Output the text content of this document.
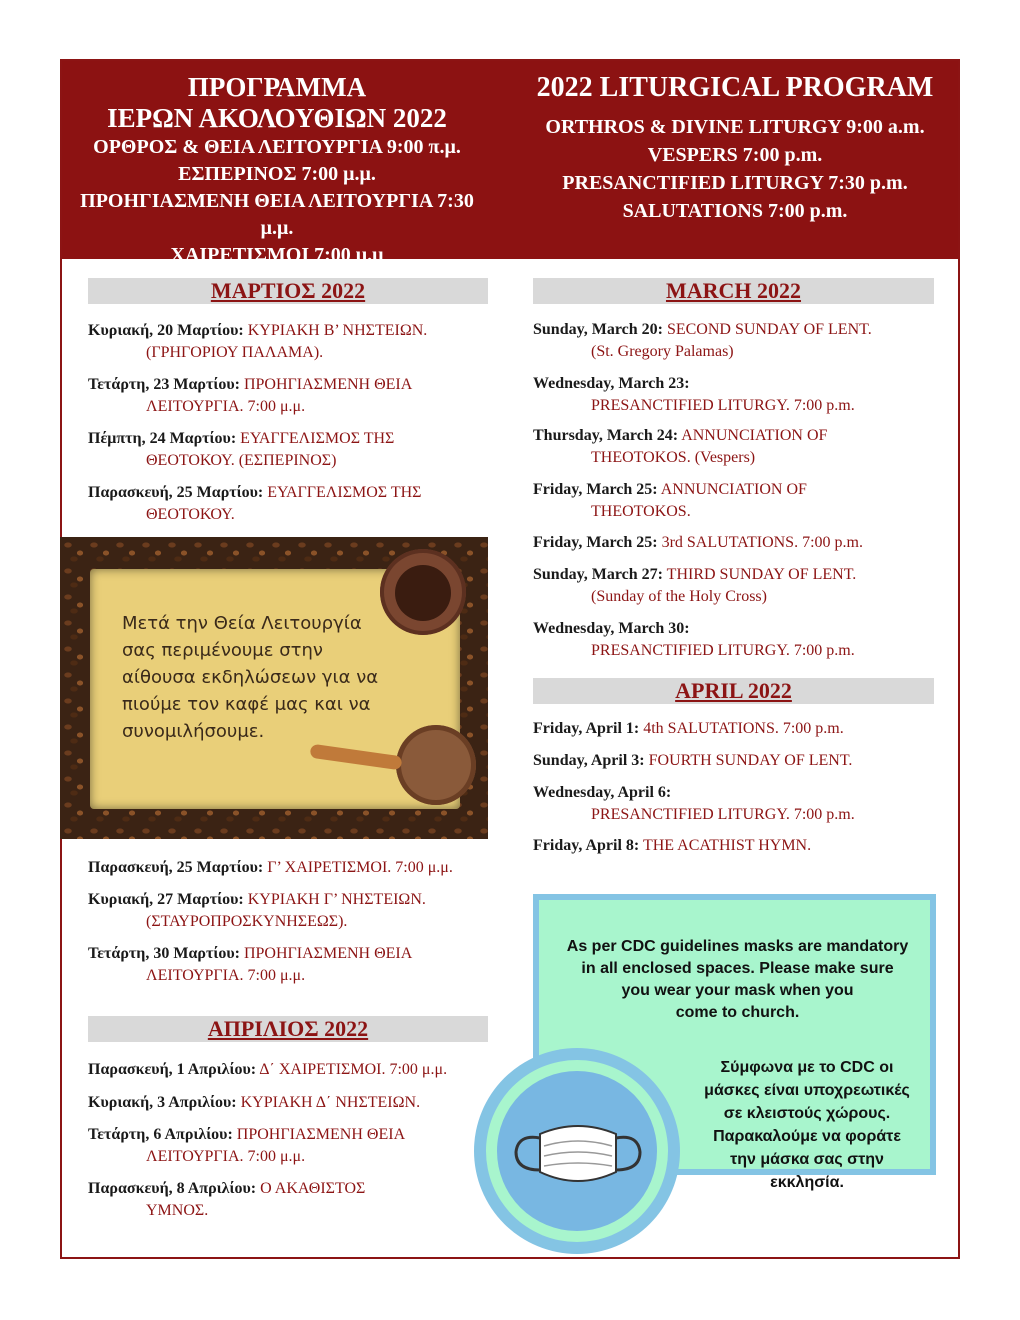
ΠΡΟΓΡΑΜΜΑ
ΙΕΡΩΝ ΑΚΟΛΟΥΘΙΩΝ 2022
ΟΡΘΡΟΣ & ΘΕΙΑ ΛΕΙΤΟΥΡΓΙΑ 9:00 π.μ.
ΕΣΠΕΡΙΝΟΣ 7:00 μ.μ.
ΠΡΟΗΓΙΑΣΜΕΝΗ ΘΕΙΑ ΛΕΙΤΟΥΡΓΙΑ 7:30 μ.μ.
ΧΑΙΡΕΤΙΣΜΟΙ 7:00 μ.μ
2022 LITURGICAL PROGRAM
ORTHROS & DIVINE LITURGY 9:00 a.m.
VESPERS 7:00 p.m.
PRESANCTIFIED LITURGY 7:30 p.m.
SALUTATIONS 7:00 p.m.
ΜΑΡΤΙΟΣ 2022
Κυριακή, 20 Μαρτίου: ΚΥΡΙΑΚΗ Β’ ΝΗΣΤΕΙΩΝ.
(ΓΡΗΓΟΡΙΟΥ ΠΑΛΑΜΑ).
Τετάρτη, 23 Μαρτίου: ΠΡΟΗΓΙΑΣΜΕΝΗ ΘΕΙΑ
ΛΕΙΤΟΥΡΓΙΑ. 7:00 μ.μ.
Πέμπτη, 24 Μαρτίου: ΕΥΑΓΓΕΛΙΣΜΟΣ ΤΗΣ
ΘΕΟΤΟΚΟΥ. (ΕΣΠΕΡΙΝΟΣ)
Παρασκευή, 25 Μαρτίου: ΕΥΑΓΓΕΛΙΣΜΟΣ ΤΗΣ
ΘΕΟΤΟΚΟΥ.
Μετά την Θεία Λειτουργία
σας περιμένουμε στην
αίθουσα εκδηλώσεων για να
πιούμε τον καφέ μας και να
συνομιλήσουμε.
Παρασκευή, 25 Μαρτίου: Γ’ ΧΑΙΡΕΤΙΣΜΟΙ. 7:00 μ.μ.
Κυριακή, 27 Μαρτίου: ΚΥΡΙΑΚΗ Γ’ ΝΗΣΤΕΙΩΝ.
(ΣΤΑΥΡΟΠΡΟΣΚΥΝΗΣΕΩΣ).
Τετάρτη, 30 Μαρτίου: ΠΡΟΗΓΙΑΣΜΕΝΗ ΘΕΙΑ
ΛΕΙΤΟΥΡΓΙΑ. 7:00 μ.μ.
ΑΠΡΙΛΙΟΣ 2022
Παρασκευή, 1 Απριλίου: Δ΄ ΧΑΙΡΕΤΙΣΜΟΙ. 7:00 μ.μ.
Κυριακή, 3 Απριλίου: ΚΥΡΙΑΚΗ Δ΄ ΝΗΣΤΕΙΩΝ.
Τετάρτη, 6 Απριλίου: ΠΡΟΗΓΙΑΣΜΕΝΗ ΘΕΙΑ
ΛΕΙΤΟΥΡΓΙΑ. 7:00 μ.μ.
Παρασκευή, 8 Απριλίου: Ο ΑΚΑΘΙΣΤΟΣ
ΥΜΝΟΣ.
MARCH 2022
Sunday, March 20: SECOND SUNDAY OF LENT.
(St. Gregory Palamas)
Wednesday, March 23:
PRESANCTIFIED LITURGY. 7:00 p.m.
Thursday, March 24: ANNUNCIATION OF
THEOTOKOS. (Vespers)
Friday, March 25: ANNUNCIATION OF
THEOTOKOS.
Friday, March 25: 3rd SALUTATIONS. 7:00 p.m.
Sunday, March 27: THIRD SUNDAY OF LENT.
(Sunday of the Holy Cross)
Wednesday, March 30:
PRESANCTIFIED LITURGY. 7:00 p.m.
APRIL 2022
Friday, April 1: 4th SALUTATIONS. 7:00 p.m.
Sunday, April 3: FOURTH SUNDAY OF LENT.
Wednesday, April 6:
PRESANCTIFIED LITURGY. 7:00 p.m.
Friday, April 8: THE ACATHIST HYMN.
As per CDC guidelines masks are mandatory
in all enclosed spaces. Please make sure
you wear your mask when you
come to church.
Σύμφωνα με το CDC οι
μάσκες είναι υποχρεωτικές
σε κλειστούς χώρους.
Παρακαλούμε να φοράτε
την μάσκα σας στην
εκκλησία.
